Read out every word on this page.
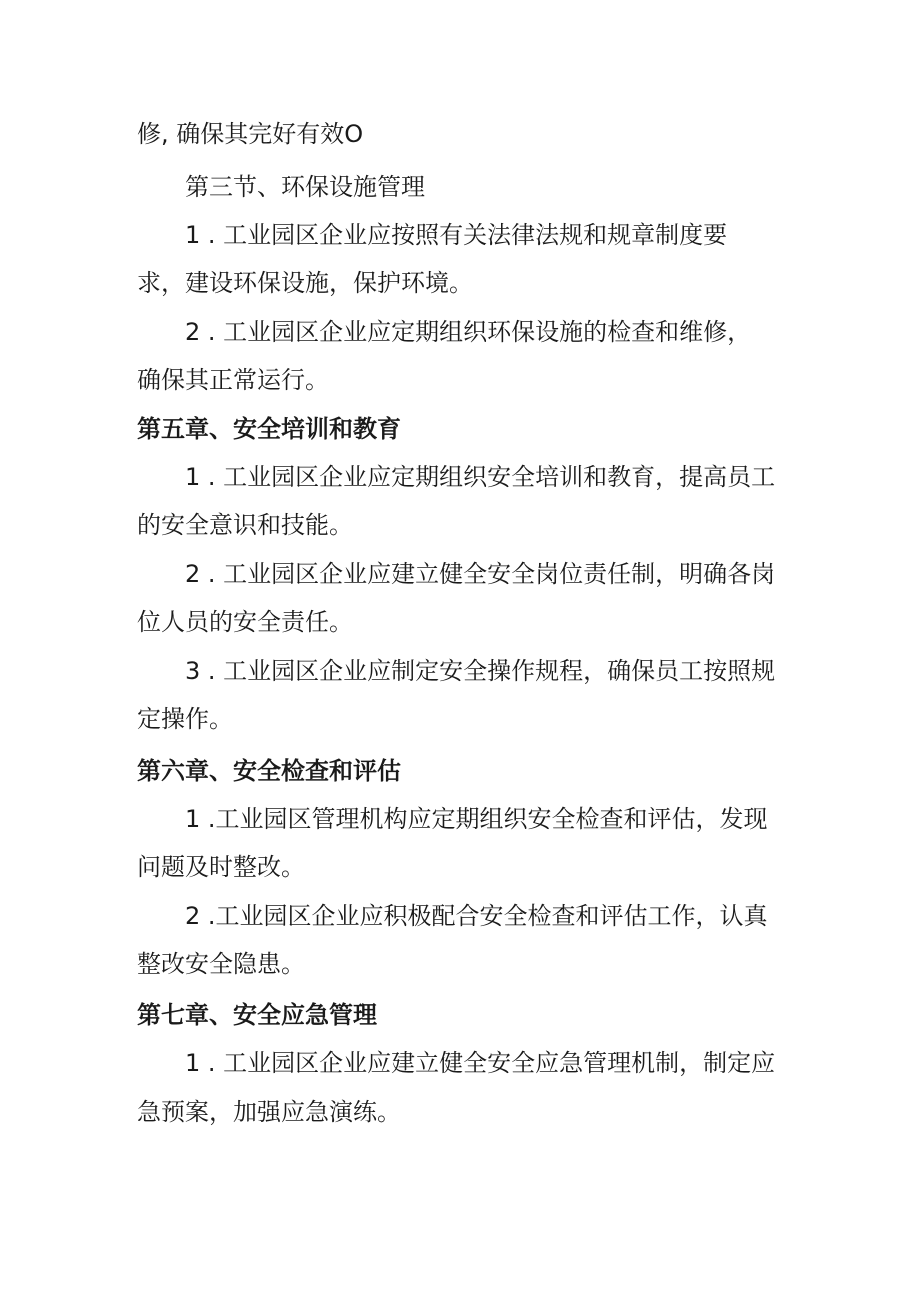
修, 确保其完好有效O
第三节、环保设施管理
1 . 工业园区企业应按照有关法律法规和规章制度要
求，建设环保设施，保护环境。
2 . 工业园区企业应定期组织环保设施的检查和维修，
确保其正常运行。
第五章、安全培训和教育
1 . 工业园区企业应定期组织安全培训和教育，提高员工
的安全意识和技能。
2 . 工业园区企业应建立健全安全岗位责任制，明确各岗
位人员的安全责任。
3 . 工业园区企业应制定安全操作规程，确保员工按照规
定操作。
第六章、安全检查和评估
1 .工业园区管理机构应定期组织安全检查和评估，发现
问题及时整改。
2 .工业园区企业应积极配合安全检查和评估工作，认真
整改安全隐患。
第七章、安全应急管理
1 . 工业园区企业应建立健全安全应急管理机制，制定应
急预案，加强应急演练。
